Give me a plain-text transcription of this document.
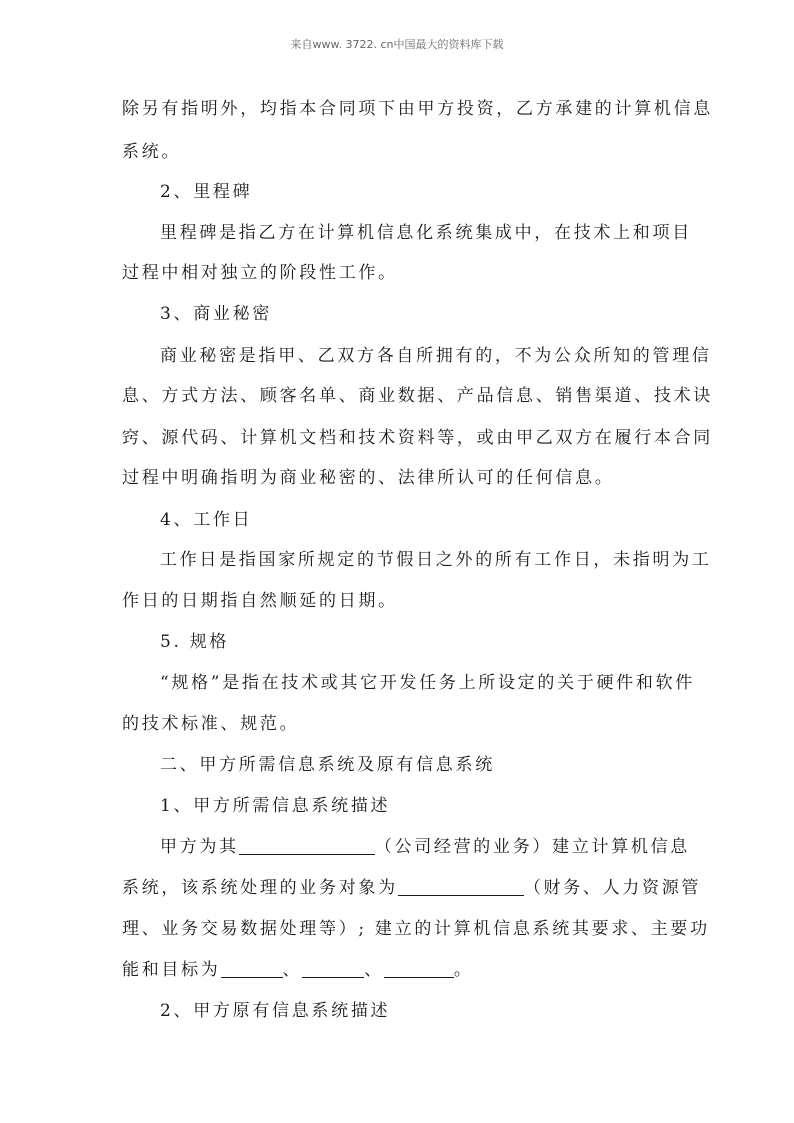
来自www. 3722. cn中国最大的资料库下载
除另有指明外，均指本合同项下由甲方投资，乙方承建的计算机信息
系统。
2、里程碑
里程碑是指乙方在计算机信息化系统集成中，在技术上和项目
过程中相对独立的阶段性工作。
3、商业秘密
商业秘密是指甲、乙双方各自所拥有的，不为公众所知的管理信
息、方式方法、顾客名单、商业数据、产品信息、销售渠道、技术诀
窍、源代码、计算机文档和技术资料等，或由甲乙双方在履行本合同
过程中明确指明为商业秘密的、法律所认可的任何信息。
4、工作日
工作日是指国家所规定的节假日之外的所有工作日，未指明为工
作日的日期指自然顺延的日期。
5. 规格
“规格”是指在技术或其它开发任务上所设定的关于硬件和软件
的技术标准、规范。
二、甲方所需信息系统及原有信息系统
1、甲方所需信息系统描述
甲方为其	（公司经营的业务）建立计算机信息
系统，该系统处理的业务对象为	（财务、人力资源管
理、业务交易数据处理等）; 建立的计算机信息系统其要求、主要功
能和目标为	、	、	。
2、甲方原有信息系统描述
